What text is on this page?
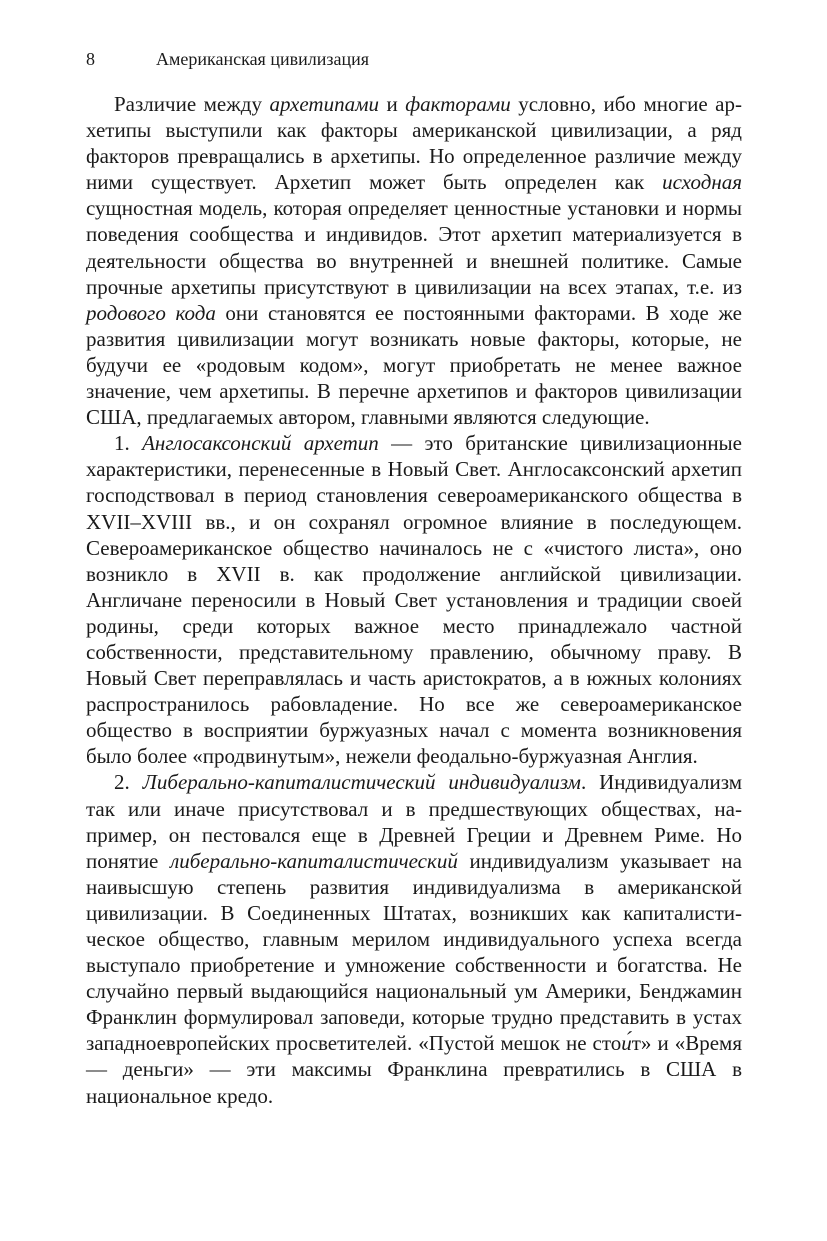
8	Американская цивилизация

Различие между архетипами и факторами условно, ибо многие архетипы выступили как факторы американской цивилизации, а ряд факторов превращались в архетипы. Но определенное различие между ними существует. Архетип может быть определен как исходная сущностная модель, которая определяет ценностные установки и нормы поведения сообщества и индивидов. Этот архетип материализуется в деятельности общества во внутренней и внешней политике. Самые прочные архетипы присутствуют в цивилизации на всех этапах, т.е. из родового кода они становятся ее постоянными факторами. В ходе же развития цивилизации могут возникать новые факторы, которые, не будучи ее «родовым кодом», могут приобретать не менее важное значение, чем архетипы. В перечне архетипов и факторов цивилизации США, предлагаемых автором, главными являются следующие.

1. Англосаксонский архетип — это британские цивилизационные характеристики, перенесенные в Новый Свет. Англосаксонский архетип господствовал в период становления североамериканского общества в XVII–XVIII вв., и он сохранял огромное влияние в последующем. Североамериканское общество начиналось не с «чистого листа», оно возникло в XVII в. как продолжение английской цивилизации. Англичане переносили в Новый Свет установления и традиции своей родины, среди которых важное место принадлежало частной собственности, представительному правлению, обычному праву. В Новый Свет переправлялась и часть аристократов, а в южных колониях распространилось рабовладение. Но все же североамериканское общество в восприятии буржуазных начал с момента возникновения было более «продвинутым», нежели феодально-буржуазная Англия.

2. Либерально-капиталистический индивидуализм. Индивидуализм так или иначе присутствовал и в предшествующих обществах, например, он пестовался еще в Древней Греции и Древнем Риме. Но понятие либерально-капиталистический индивидуализм указывает на наивысшую степень развития индивидуализма в американской цивилизации. В Соединенных Штатах, возникших как капиталистическое общество, главным мерилом индивидуального успеха всегда выступало приобретение и умножение собственности и богатства. Не случайно первый выдающийся национальный ум Америки, Бенджамин Франклин формулировал заповеди, которые трудно представить в устах западноевропейских просветителей. «Пустой мешок не стои́т» и «Время — деньги» — эти максимы Франклина превратились в США в национальное кредо.
